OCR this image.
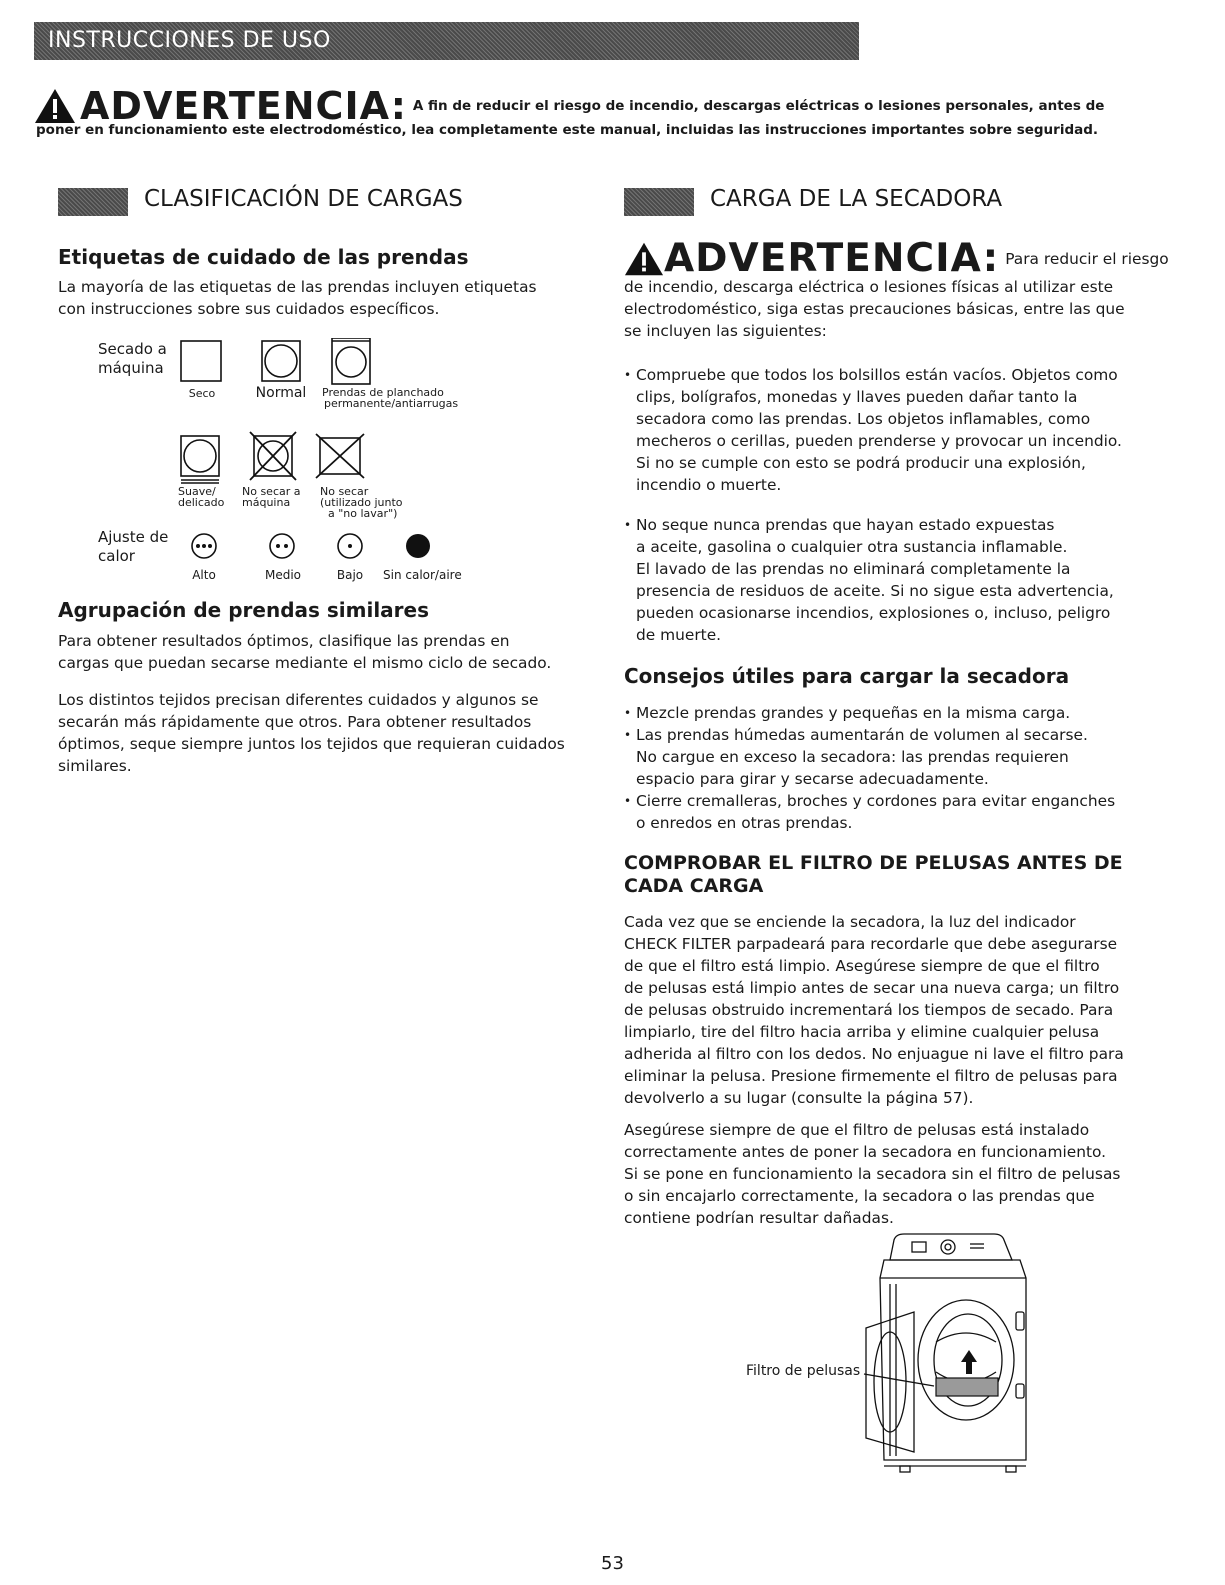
INSTRUCCIONES DE USO
ADVERTENCIA: A fin de reducir el riesgo de incendio, descargas eléctricas o lesiones personales, antes de
poner en funcionamiento este electrodoméstico, lea completamente este manual, incluidas las instrucciones importantes sobre seguridad.
CLASIFICACIÓN DE CARGAS
Etiquetas de cuidado de las prendas

La mayoría de las etiquetas de las prendas incluyen etiquetas

con instrucciones sobre sus cuidados específicos.

Secado a
máquina
Seco	Normal	Prendas de planchado
permanente/antiarrugas
Suave/
delicado
No secar a
máquina
No secar
(utilizado junto
a "no lavar")
Ajuste de
calor
Alto	Medio	Bajo	Sin calor/aire
Agrupación de prendas similares

Para obtener resultados óptimos, clasifique las prendas en

cargas que puedan secarse mediante el mismo ciclo de secado.

Los distintos tejidos precisan diferentes cuidados y algunos se

secarán más rápidamente que otros. Para obtener resultados

óptimos, seque siempre juntos los tejidos que requieran cuidados

similares.

CARGA DE LA SECADORA
ADVERTENCIA: Para reducir el riesgo

de incendio, descarga eléctrica o lesiones físicas al utilizar este

electrodoméstico, siga estas precauciones básicas, entre las que

se incluyen las siguientes:

• Compruebe que todos los bolsillos están vacíos. Objetos como

clips, bolígrafos, monedas y llaves pueden dañar tanto la

secadora como las prendas. Los objetos inflamables, como

mecheros o cerillas, pueden prenderse y provocar un incendio.

Si no se cumple con esto se podrá producir una explosión,

incendio o muerte.

• No seque nunca prendas que hayan estado expuestas

a aceite, gasolina o cualquier otra sustancia inflamable.

El lavado de las prendas no eliminará completamente la

presencia de residuos de aceite. Si no sigue esta advertencia,

pueden ocasionarse incendios, explosiones o, incluso, peligro

de muerte.

Consejos útiles para cargar la secadora

• Mezcle prendas grandes y pequeñas en la misma carga.

• Las prendas húmedas aumentarán de volumen al secarse.

No cargue en exceso la secadora: las prendas requieren

espacio para girar y secarse adecuadamente.

• Cierre cremalleras, broches y cordones para evitar enganches

o enredos en otras prendas.

COMPROBAR EL FILTRO DE PELUSAS ANTES DE
CADA CARGA

Cada vez que se enciende la secadora, la luz del indicador

CHECK FILTER parpadeará para recordarle que debe asegurarse

de que el filtro está limpio. Asegúrese siempre de que el filtro

de pelusas está limpio antes de secar una nueva carga; un filtro

de pelusas obstruido incrementará los tiempos de secado. Para

limpiarlo, tire del filtro hacia arriba y elimine cualquier pelusa

adherida al filtro con los dedos. No enjuague ni lave el filtro para

eliminar la pelusa. Presione firmemente el filtro de pelusas para

devolverlo a su lugar (consulte la página 57).

Asegúrese siempre de que el filtro de pelusas está instalado

correctamente antes de poner la secadora en funcionamiento.

Si se pone en funcionamiento la secadora sin el filtro de pelusas

o sin encajarlo correctamente, la secadora o las prendas que

contiene podrían resultar dañadas.

Filtro de pelusas
53
